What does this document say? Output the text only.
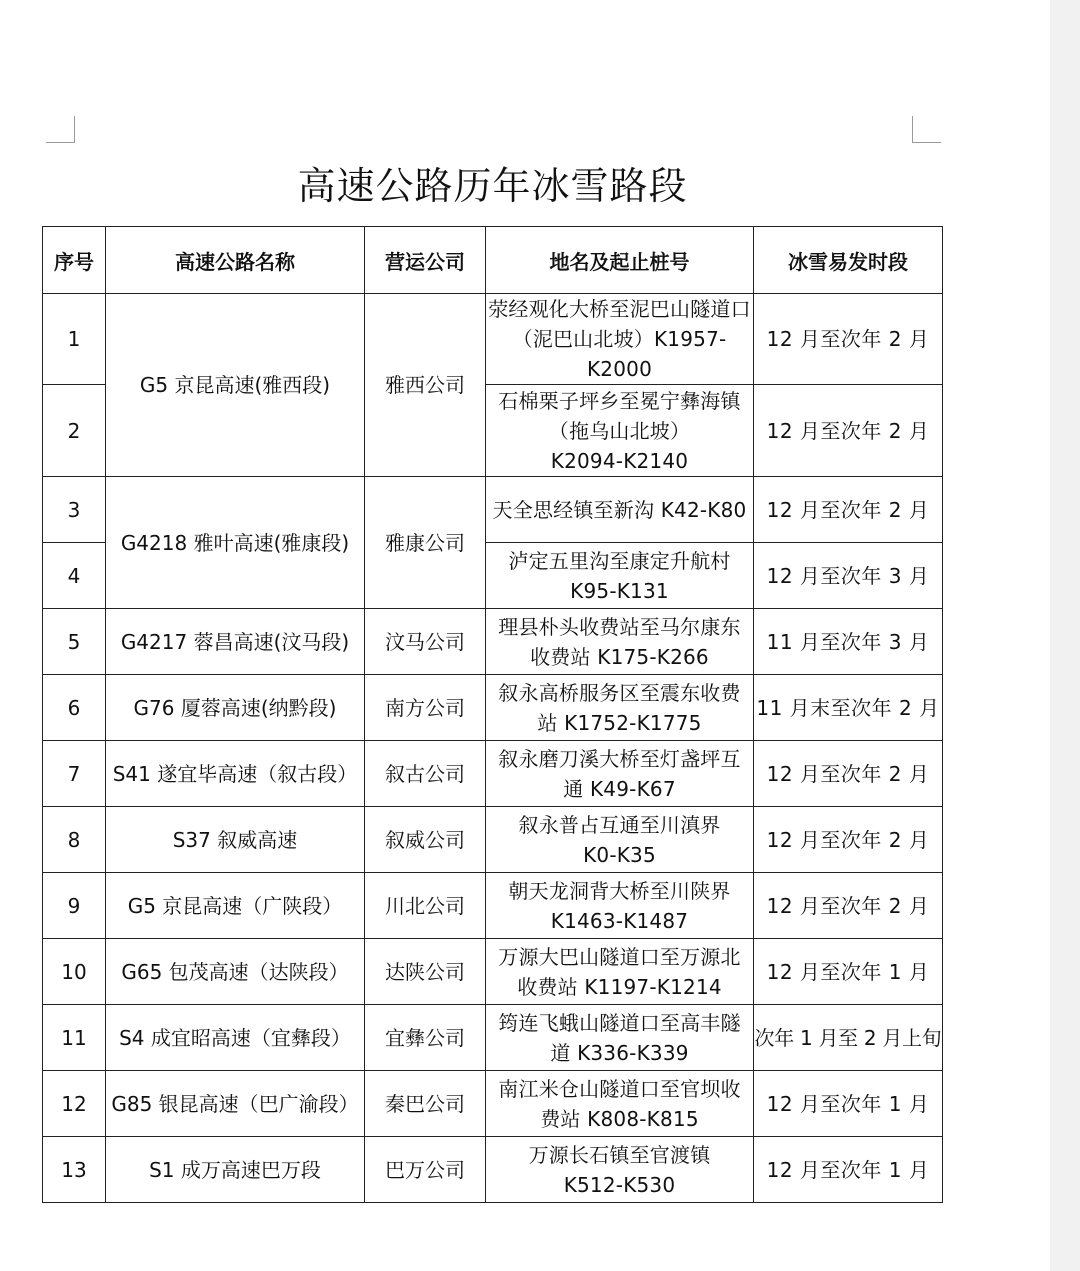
高速公路历年冰雪路段
序号	高速公路名称	营运公司	地名及起止桩号	冰雪易发时段
1	G5 京昆高速(雅西段)	雅西公司	荥经观化大桥至泥巴山隧道口
（泥巴山北坡）K1957-K2000	12 月至次年 2 月
2			石棉栗子坪乡至冕宁彝海镇
（拖乌山北坡）
K2094-K2140	12 月至次年 2 月
3	G4218 雅叶高速(雅康段)	雅康公司	天全思经镇至新沟 K42-K80	12 月至次年 2 月
4			泸定五里沟至康定升航村
K95-K131	12 月至次年 3 月
5	G4217 蓉昌高速(汶马段)	汶马公司	理县朴头收费站至马尔康东
收费站 K175-K266	11 月至次年 3 月
6	G76 厦蓉高速(纳黔段)	南方公司	叙永高桥服务区至震东收费
站 K1752-K1775	11 月末至次年 2 月
7	S41 遂宜毕高速（叙古段）	叙古公司	叙永磨刀溪大桥至灯盏坪互
通 K49-K67	12 月至次年 2 月
8	S37 叙威高速	叙威公司	叙永普占互通至川滇界
K0-K35	12 月至次年 2 月
9	G5 京昆高速（广陕段）	川北公司	朝天龙洞背大桥至川陕界
K1463-K1487	12 月至次年 2 月
10	G65 包茂高速（达陕段）	达陕公司	万源大巴山隧道口至万源北
收费站 K1197-K1214	12 月至次年 1 月
11	S4 成宜昭高速（宜彝段）	宜彝公司	筠连飞蛾山隧道口至高丰隧
道 K336-K339	次年 1 月至 2 月上旬
12	G85 银昆高速（巴广渝段）	秦巴公司	南江米仓山隧道口至官坝收
费站 K808-K815	12 月至次年 1 月
13	S1 成万高速巴万段	巴万公司	万源长石镇至官渡镇
K512-K530	12 月至次年 1 月
